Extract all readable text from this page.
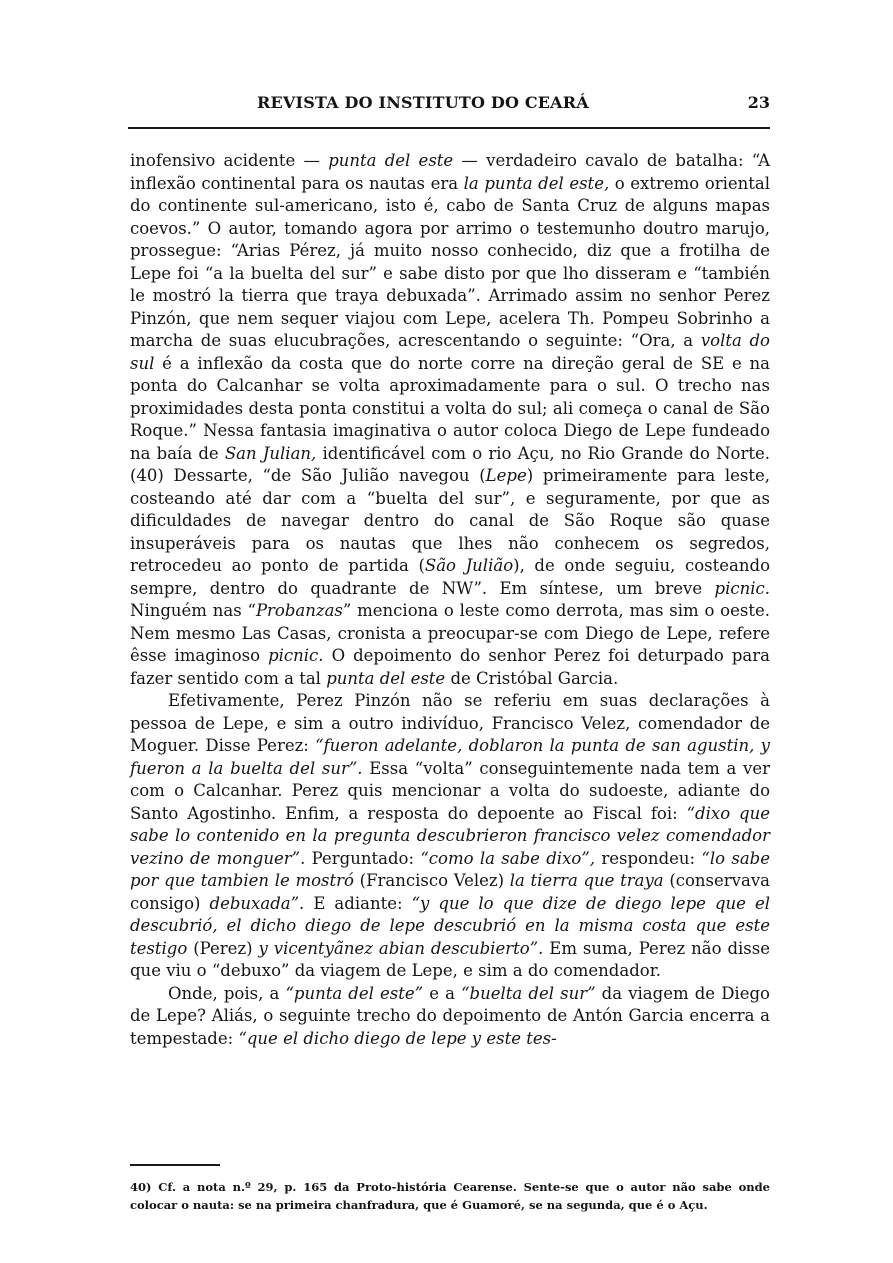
REVISTA DO INSTITUTO DO CEARÁ	23

inofensivo acidente — punta del este — verdadeiro cavalo de batalha: “A inflexão continental para os nautas era la punta del este, o extremo oriental do continente sul-americano, isto é, cabo de Santa Cruz de alguns mapas coevos.” O autor, tomando agora por arrimo o testemunho doutro marujo, prossegue: “Arias Pérez, já muito nosso conhecido, diz que a frotilha de Lepe foi “a la buelta del sur” e sabe disto por que lho disseram e “también le mostró la tierra que traya debuxada”. Arrimado assim no senhor Perez Pinzón, que nem sequer viajou com Lepe, acelera Th. Pompeu Sobrinho a marcha de suas elucubrações, acrescentando o seguinte: “Ora, a volta do sul é a inflexão da costa que do norte corre na direção geral de SE e na ponta do Calcanhar se volta aproximadamente para o sul. O trecho nas proximidades desta ponta constitui a volta do sul; ali começa o canal de São Roque.” Nessa fantasia imaginativa o autor coloca Diego de Lepe fundeado na baía de San Julian, identificável com o rio Açu, no Rio Grande do Norte. (40) Dessarte, “de São Julião navegou (Lepe) primeiramente para leste, costeando até dar com a “buelta del sur”, e seguramente, por que as dificuldades de navegar dentro do canal de São Roque são quase insuperáveis para os nautas que lhes não conhecem os segredos, retrocedeu ao ponto de partida (São Julião), de onde seguiu, costeando sempre, dentro do quadrante de NW”. Em síntese, um breve picnic. Ninguém nas “Probanzas” menciona o leste como derrota, mas sim o oeste. Nem mesmo Las Casas, cronista a preocupar-se com Diego de Lepe, refere êsse imaginoso picnic. O depoimento do senhor Perez foi deturpado para fazer sentido com a tal punta del este de Cristóbal Garcia.

Efetivamente, Perez Pinzón não se referiu em suas declarações à pessoa de Lepe, e sim a outro indivíduo, Francisco Velez, comendador de Moguer. Disse Perez: “fueron adelante, doblaron la punta de san agustin, y fueron a la buelta del sur”. Essa “volta” conseguintemente nada tem a ver com o Calcanhar. Perez quis mencionar a volta do sudoeste, adiante do Santo Agostinho. Enfim, a resposta do depoente ao Fiscal foi: “dixo que sabe lo contenido en la pregunta descubrieron francisco velez comendador vezino de monguer”. Perguntado: “como la sabe dixo”, respondeu: “lo sabe por que tambien le mostró (Francisco Velez) la tierra que traya (conservava consigo) debuxada”. E adiante: “y que lo que dize de diego lepe que el descubrió, el dicho diego de lepe descubrió en la misma costa que este testigo (Perez) y vicentyãnez abian descubierto”. Em suma, Perez não disse que viu o “debuxo” da viagem de Lepe, e sim a do comendador.

Onde, pois, a “punta del este” e a “buelta del sur” da viagem de Diego de Lepe? Aliás, o seguinte trecho do depoimento de Antón Garcia encerra a tempestade: “que el dicho diego de lepe y este tes-

40) Cf. a nota n.º 29, p. 165 da Proto-história Cearense. Sente-se que o autor não sabe onde colocar o nauta: se na primeira chanfradura, que é Guamoré, se na segunda, que é o Açu.
